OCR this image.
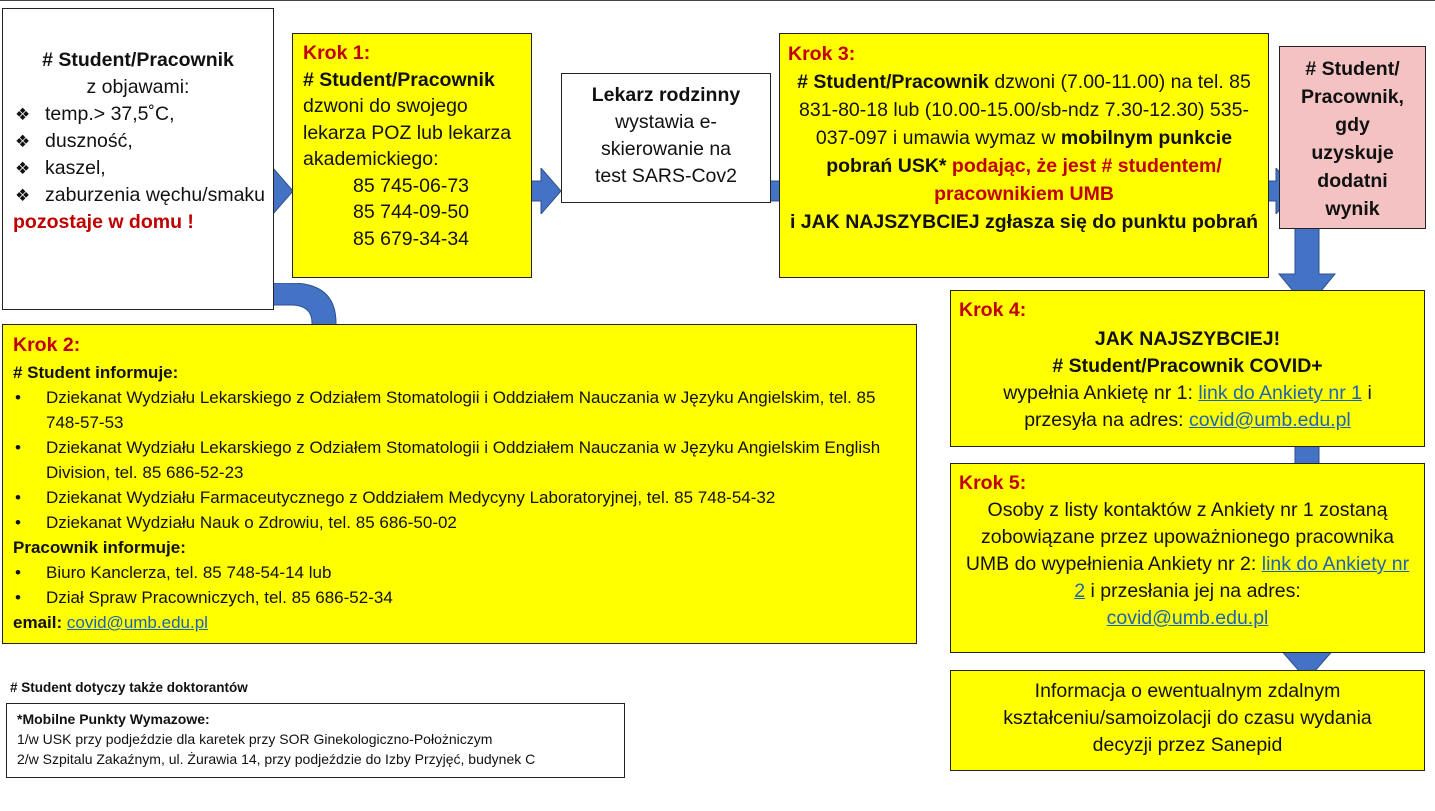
# Student/Pracownik
z objawami:
❖ temp.> 37,5˚C,
❖ duszność,
❖ kaszel,
❖ zaburzenia węchu/smaku
pozostaje w domu !
Krok 1:
# Student/Pracownik
dzwoni do swojego lekarza POZ lub lekarza akademickiego:
85 745-06-73
85 744-09-50
85 679-34-34
Lekarz rodzinny
wystawia e-skierowanie na test SARS-Cov2
Krok 3:
# Student/Pracownik dzwoni (7.00-11.00) na tel. 85 831-80-18 lub (10.00-15.00/sb-ndz 7.30-12.30) 535-037-097 i umawia wymaz w mobilnym punkcie pobrań USK* podając, że jest # studentem/ pracownikiem UMB
i JAK NAJSZYBCIEJ zgłasza się do punktu pobrań
# Student/ Pracownik, gdy uzyskuje dodatni wynik
Krok 2:
# Student informuje:
• Dziekanat Wydziału Lekarskiego z Odziałem Stomatologii i Oddziałem Nauczania w Języku Angielskim, tel. 85 748-57-53
• Dziekanat Wydziału Lekarskiego z Odziałem Stomatologii i Oddziałem Nauczania w Języku Angielskim English Division, tel. 85 686-52-23
• Dziekanat Wydziału Farmaceutycznego z Oddziałem Medycyny Laboratoryjnej, tel. 85 748-54-32
• Dziekanat Wydziału Nauk o Zdrowiu, tel. 85 686-50-02
Pracownik informuje:
• Biuro Kanclerza, tel. 85 748-54-14 lub
• Dział Spraw Pracowniczych, tel. 85 686-52-34
email: covid@umb.edu.pl
Krok 4:
JAK NAJSZYBCIEJ!
# Student/Pracownik COVID+
wypełnia Ankietę nr 1: link do Ankiety nr 1 i
przesyła na adres: covid@umb.edu.pl
Krok 5:
Osoby z listy kontaktów z Ankiety nr 1 zostaną zobowiązane przez upoważnionego pracownika UMB do wypełnienia Ankiety nr 2: link do Ankiety nr 2 i przesłania jej na adres:
covid@umb.edu.pl
Informacja o ewentualnym zdalnym kształceniu/samoizolacji do czasu wydania decyzji przez Sanepid
# Student dotyczy także doktorantów
*Mobilne Punkty Wymazowe:
1/w USK przy podjeździe dla karetek przy SOR Ginekologiczno-Położniczym
2/w Szpitalu Zakaźnym, ul. Żurawia 14, przy podjeździe do Izby Przyjęć, budynek C
